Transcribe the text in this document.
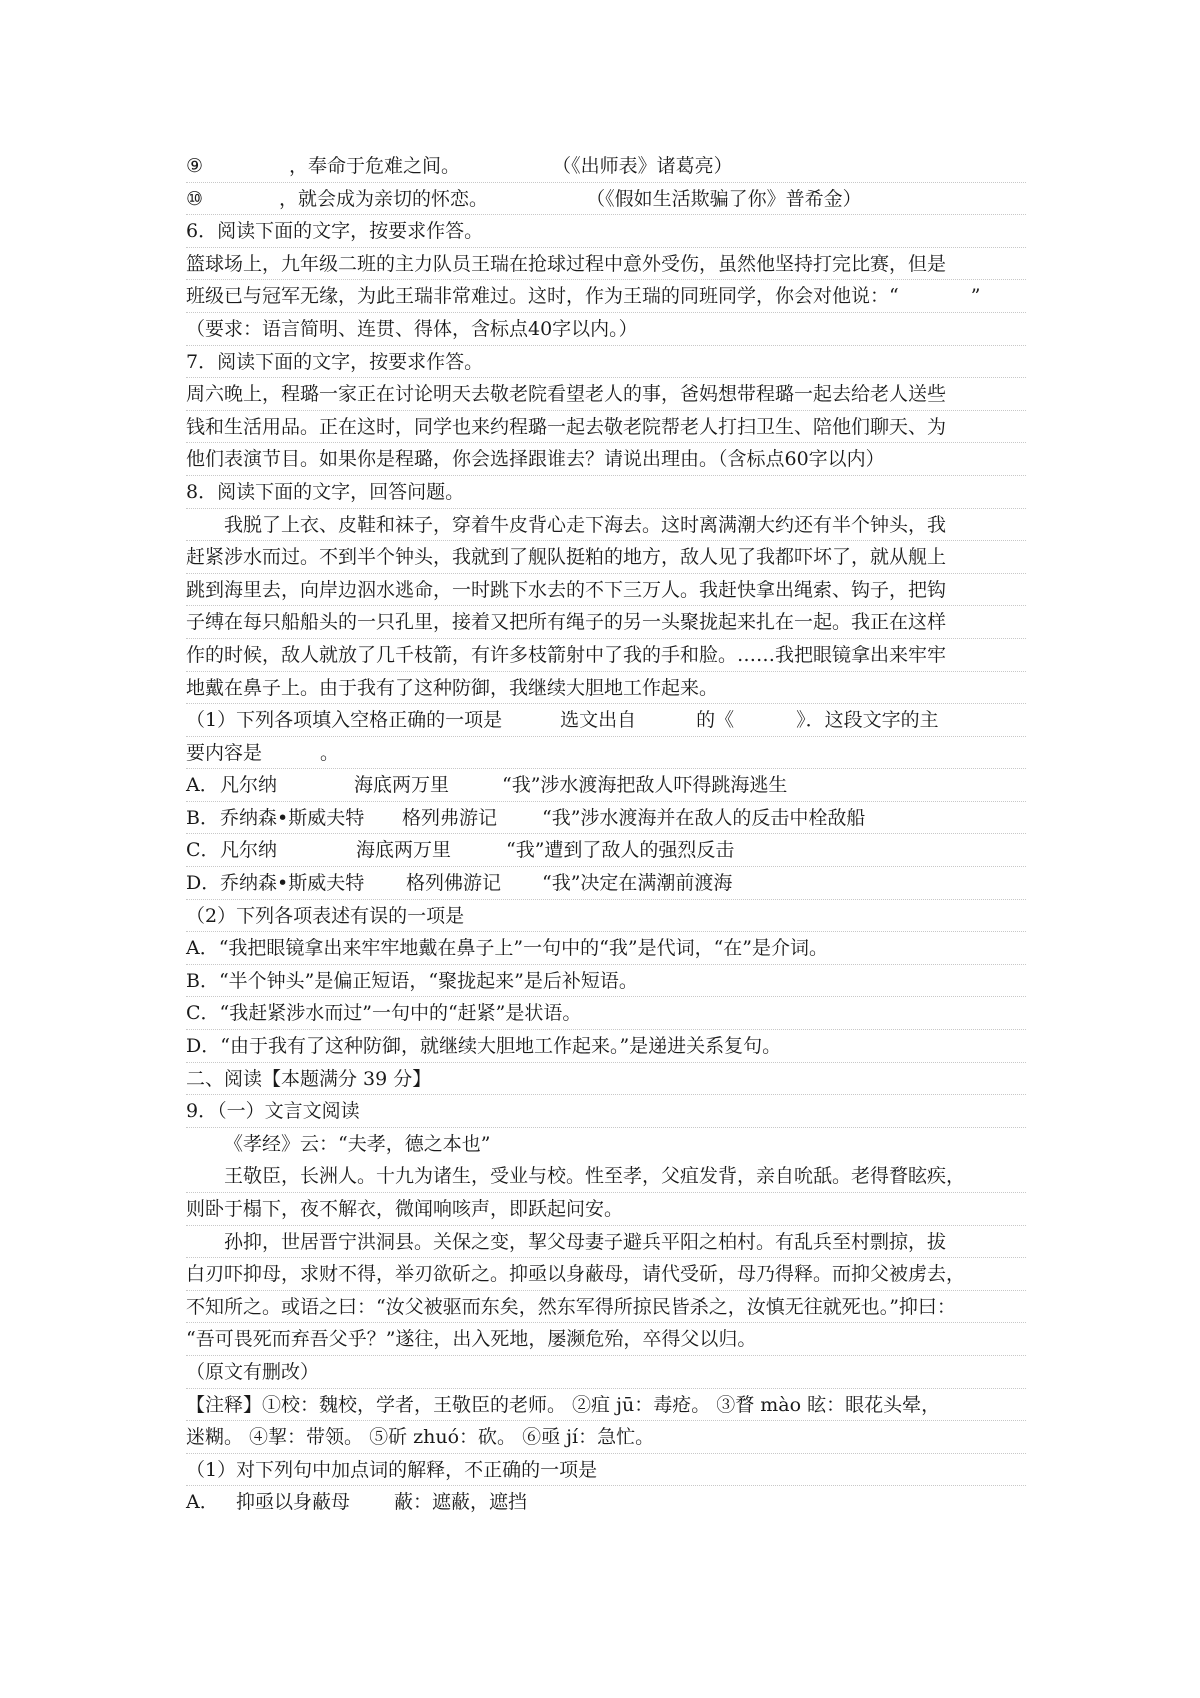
⑨	，奉命于危难之间。	（《出师表》诸葛亮）
⑩	，就会成为亲切的怀恋。	（《假如生活欺骗了你》普希金）
6．阅读下面的文字，按要求作答。
篮球场上，九年级二班的主力队员王瑞在抢球过程中意外受伤，虽然他坚持打完比赛，但是
班级已与冠军无缘，为此王瑞非常难过。这时，作为王瑞的同班同学，你会对他说：“	”
（要求：语言简明、连贯、得体，含标点40字以内。）
7．阅读下面的文字，按要求作答。
周六晚上，程璐一家正在讨论明天去敬老院看望老人的事，爸妈想带程璐一起去给老人送些
钱和生活用品。正在这时，同学也来约程璐一起去敬老院帮老人打扫卫生、陪他们聊天、为
他们表演节目。如果你是程璐，你会选择跟谁去？请说出理由。（含标点60字以内）
8．阅读下面的文字，回答问题。
我脱了上衣、皮鞋和袜子，穿着牛皮背心走下海去。这时离满潮大约还有半个钟头，我
赶紧涉水而过。不到半个钟头，我就到了舰队挺粕的地方，敌人见了我都吓坏了，就从舰上
跳到海里去，向岸边泅水逃命，一时跳下水去的不下三万人。我赶快拿出绳索、钩子，把钩
子缚在每只船船头的一只孔里，接着又把所有绳子的另一头聚拢起来扎在一起。我正在这样
作的时候，敌人就放了几千枝箭，有许多枝箭射中了我的手和脸。……我把眼镜拿出来牢牢
地戴在鼻子上。由于我有了这种防御，我继续大胆地工作起来。
（1）下列各项填入空格正确的一项是	选文出自	的《	》．这段文字的主
要内容是	。
A．凡尔纳	海底两万里	“我”涉水渡海把敌人吓得跳海逃生
B．乔纳森•斯威夫特 格列弗游记 “我”涉水渡海并在敌人的反击中栓敌船
C．凡尔纳	海底两万里	“我”遭到了敌人的强烈反击
D．乔纳森•斯威夫特 格列佛游记 “我”决定在满潮前渡海
（2）下列各项表述有误的一项是
A．“我把眼镜拿出来牢牢地戴在鼻子上”一句中的“我”是代词，“在”是介词。
B．“半个钟头”是偏正短语，“聚拢起来”是后补短语。
C．“我赶紧涉水而过”一句中的“赶紧”是状语。
D．“由于我有了这种防御，就继续大胆地工作起来。”是递进关系复句。
二、阅读【本题满分 39 分】
9．（一）文言文阅读
《孝经》云：“夫孝，德之本也”
王敬臣，长洲人。十九为诸生，受业与校。性至孝，父疽发背，亲自吮舐。老得瞀眩疾，
则卧于榻下，夜不解衣，微闻响咳声，即跃起问安。
孙抑，世居晋宁洪洞县。关保之变，挈父母妻子避兵平阳之柏村。有乱兵至村剽掠，拔
白刃吓抑母，求财不得，举刃欲斫之。抑亟以身蔽母，请代受斫，母乃得释。而抑父被虏去，
不知所之。或语之曰：“汝父被驱而东矣，然东军得所掠民皆杀之，汝慎无往就死也。”抑曰：
“吾可畏死而弃吾父乎？”遂往，出入死地，屡濒危殆，卒得父以归。
（原文有删改）
【注释】①校：魏校，学者，王敬臣的老师。 ②疽 jū：毒疮。 ③瞀 mào 眩：眼花头晕，
迷糊。 ④挈：带领。 ⑤斫 zhuó：砍。 ⑥亟 jí：急忙。
（1）对下列句中加点词的解释，不正确的一项是
A． 抑亟以身蔽母 蔽：遮蔽，遮挡
